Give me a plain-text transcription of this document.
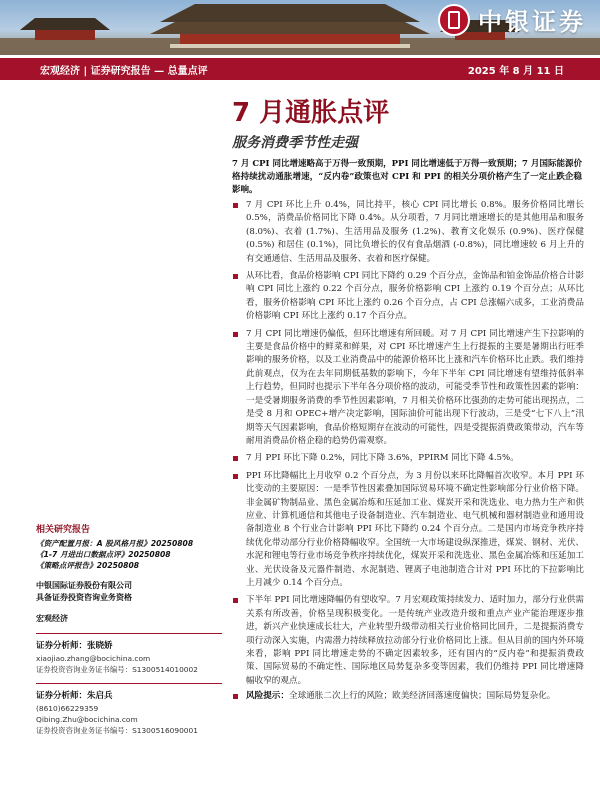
中银证券
宏观经济 | 证券研究报告 — 总量点评	2025 年 8 月 11 日
7 月通胀点评
服务消费季节性走强
7 月 CPI 同比增速略高于万得一致预期，PPI 同比增速低于万得一致预期；7 月国际能源价格持续扰动通胀增速，“反内卷”政策也对 CPI 和 PPI 的相关分项价格产生了一定止跌企稳影响。
7 月 CPI 环比上升 0.4%，同比持平，核心 CPI 同比增长 0.8%。服务价格同比增长 0.5%，消费品价格同比下降 0.4%。从分项看，7 月同比增速增长的是其他用品和服务 (8.0%)、衣着 (1.7%)、生活用品及服务 (1.2%)、教育文化娱乐 (0.9%)、医疗保健 (0.5%) 和居住 (0.1%)，同比负增长的仅有食品烟酒 (-0.8%)，同比增速较 6 月上升的有交通通信、生活用品及服务、衣着和医疗保健。
从环比看，食品价格影响 CPI 同比下降约 0.29 个百分点，金饰品和铂金饰品价格合计影响 CPI 同比上涨约 0.22 个百分点，服务价格影响 CPI 上涨约 0.19 个百分点；从环比看，服务价格影响 CPI 环比上涨约 0.26 个百分点，占 CPI 总涨幅六成多，工业消费品价格影响 CPI 环比上涨约 0.17 个百分点。
7 月 CPI 同比增速仍偏低，但环比增速有所回暖。对 7 月 CPI 同比增速产生下拉影响的主要是食品价格中的鲜菜和鲜果，对 CPI 环比增速产生上行提振的主要是暑期出行旺季影响的服务价格，以及工业消费品中的能源价格环比上涨和汽车价格环比止跌。我们维持此前观点，仅为在去年同期低基数的影响下，今年下半年 CPI 同比增速有望维持低斜率上行趋势，但同时也提示下半年各分项价格的波动，可能受季节性和政策性因素的影响：一是受暑期服务消费的季节性因素影响，7 月相关价格环比强劲的走势可能出现拐点，二是受 8 月和 OPEC+增产决定影响，国际油价可能出现下行波动，三是受“七下八上”汛期等天气因素影响，食品价格短期存在波动的可能性，四是受提振消费政策带动，汽车等耐用消费品价格企稳的趋势仍需观察。
7 月 PPI 环比下降 0.2%，同比下降 3.6%，PPIRM 同比下降 4.5%。
PPI 环比降幅比上月收窄 0.2 个百分点，为 3 月份以来环比降幅首次收窄。本月 PPI 环比变动的主要原因：一是季节性因素叠加国际贸易环境不确定性影响部分行业价格下降。非金属矿物制品业、黑色金属冶炼和压延加工业、煤炭开采和洗选业、电力热力生产和供应业、计算机通信和其他电子设备制造业、汽车制造业、电气机械和器材制造业和通用设备制造业 8 个行业合计影响 PPI 环比下降约 0.24 个百分点。二是国内市场竞争秩序持续优化带动部分行业价格降幅收窄。全国统一大市场建设纵深推进，煤炭、钢材、光伏、水泥和锂电等行业市场竞争秩序持续优化，煤炭开采和洗选业、黑色金属冶炼和压延加工业、光伏设备及元器件制造、水泥制造、锂离子电池制造合计对 PPI 环比的下拉影响比上月减少 0.14 个百分点。
下半年 PPI 同比增速降幅仍有望收窄。7 月宏观政策持续发力、适时加力，部分行业供需关系有所改善，价格呈现积极变化。一是传统产业改造升级和重点产业产能治理逐步推进，新兴产业快速成长壮大，产业转型升级带动相关行业价格同比回升，二是提振消费专项行动深入实施，内需潜力持续释放拉动部分行业价格同比上涨。但从目前的国内外环境来看，影响 PPI 同比增速走势的不确定因素较多，还有国内的“反内卷”和提振消费政策、国际贸易的不确定性、国际地区局势复杂多变等因素，我们仍维持 PPI 同比增速降幅收窄的观点。
风险提示：全球通胀二次上行的风险；欧美经济回落速度偏快；国际局势复杂化。
相关研究报告
《资产配置月报：A 股风格月报》20250808
《1-7 月进出口数据点评》20250808
《策略点评报告》20250808
中银国际证券股份有限公司
具备证券投资咨询业务资格
宏观经济
证券分析师：张晓娇
xiaojiao.zhang@bocichina.com
证券投资咨询业务证书编号：S1300514010002
证券分析师：朱启兵
(8610)66229359
Qibing.Zhu@bocichina.com
证券投资咨询业务证书编号：S1300516090001
